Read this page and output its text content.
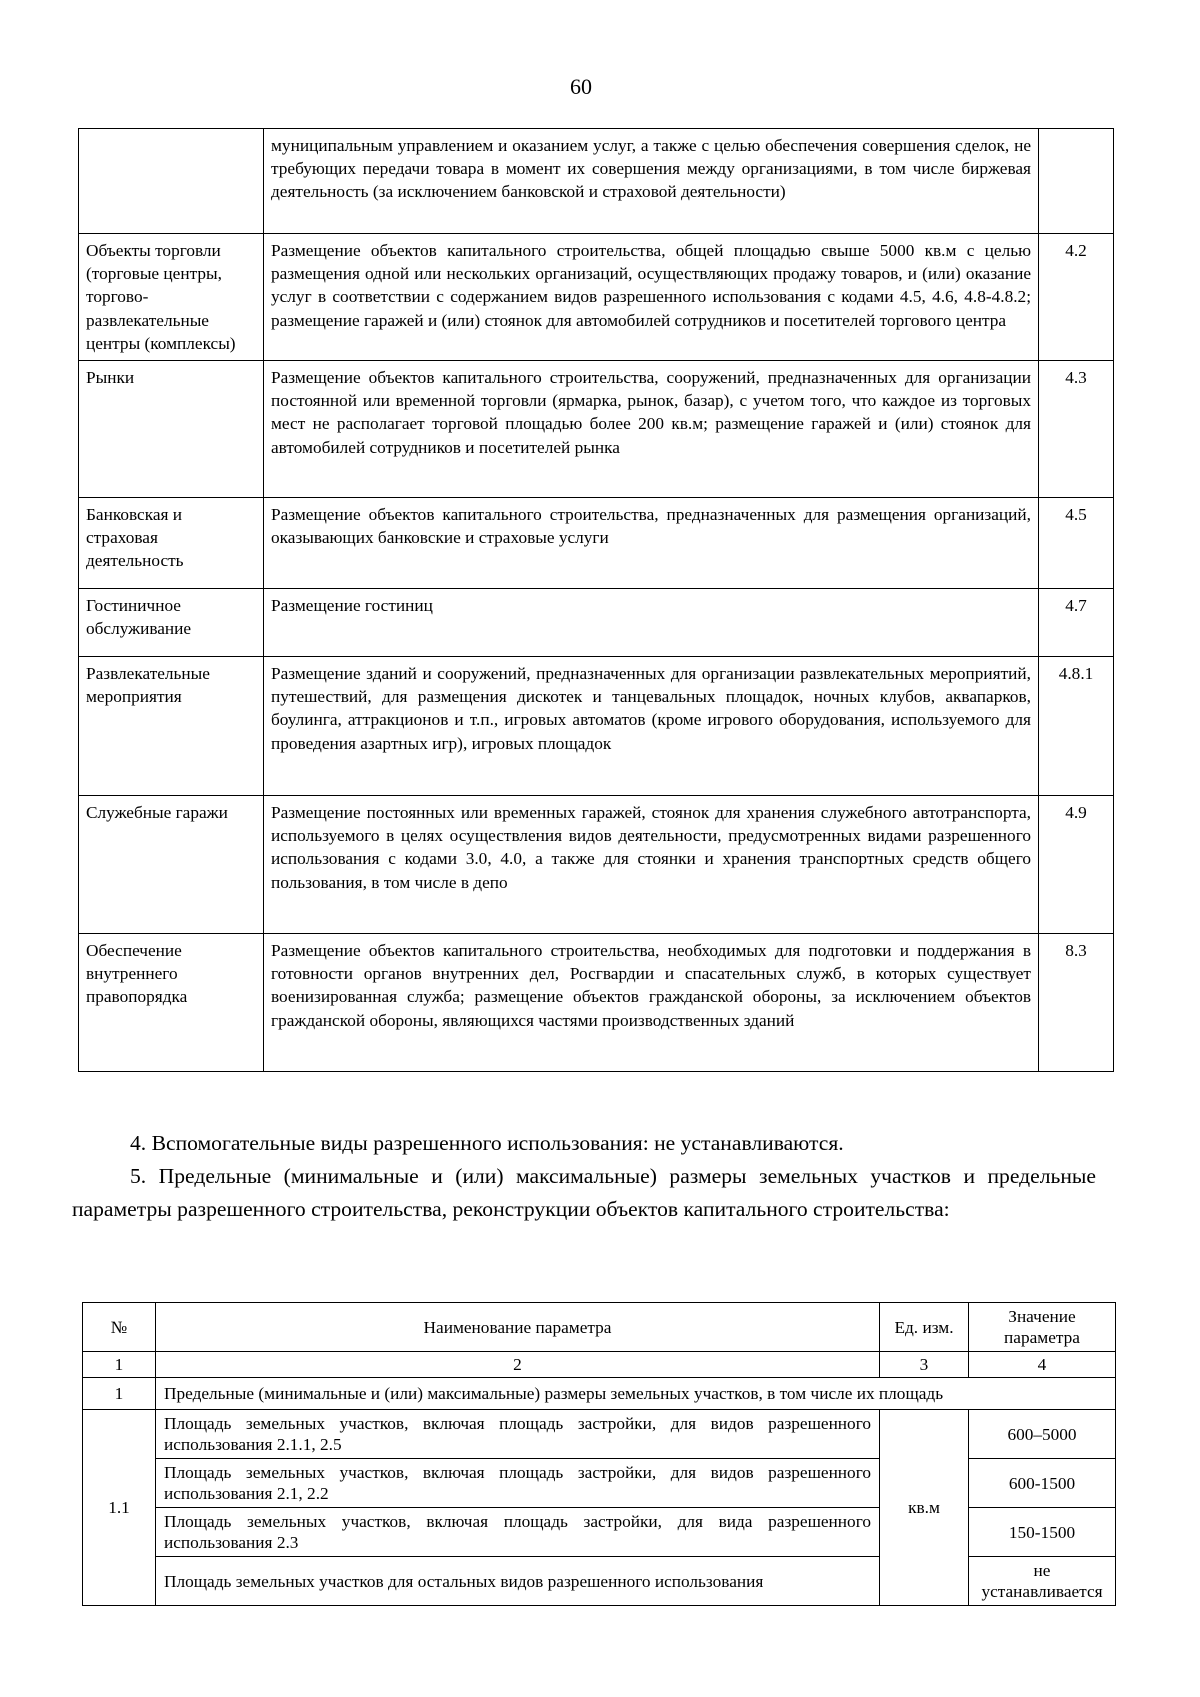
60
	муниципальным управлением и оказанием услуг, а также с целью обеспечения совершения сделок, не требующих передачи товара в момент их совершения между организациями, в том числе биржевая деятельность (за исключением банковской и страховой деятельности)	
Объекты торговли (торговые центры, торгово-развлекательные центры (комплексы)	Размещение объектов капитального строительства, общей площадью свыше 5000 кв.м с целью размещения одной или нескольких организаций, осуществляющих продажу товаров, и (или) оказание услуг в соответствии с содержанием видов разрешенного использования с кодами 4.5, 4.6, 4.8-4.8.2; размещение гаражей и (или) стоянок для автомобилей сотрудников и посетителей торгового центра	4.2
Рынки	Размещение объектов капитального строительства, сооружений, предназначенных для организации постоянной или временной торговли (ярмарка, рынок, базар), с учетом того, что каждое из торговых мест не располагает торговой площадью более 200 кв.м; размещение гаражей и (или) стоянок для автомобилей сотрудников и посетителей рынка	4.3
Банковская и страховая деятельность	Размещение объектов капитального строительства, предназначенных для размещения организаций, оказывающих банковские и страховые услуги	4.5
Гостиничное обслуживание	Размещение гостиниц	4.7
Развлекательные мероприятия	Размещение зданий и сооружений, предназначенных для организации развлекательных мероприятий, путешествий, для размещения дискотек и танцевальных площадок, ночных клубов, аквапарков, боулинга, аттракционов и т.п., игровых автоматов (кроме игрового оборудования, используемого для проведения азартных игр), игровых площадок	4.8.1
Служебные гаражи	Размещение постоянных или временных гаражей, стоянок для хранения служебного автотранспорта, используемого в целях осуществления видов деятельности, предусмотренных видами разрешенного использования с кодами 3.0, 4.0, а также для стоянки и хранения транспортных средств общего пользования, в том числе в депо	4.9
Обеспечение внутреннего правопорядка	Размещение объектов капитального строительства, необходимых для подготовки и поддержания в готовности органов внутренних дел, Росгвардии и спасательных служб, в которых существует военизированная служба; размещение объектов гражданской обороны, за исключением объектов гражданской обороны, являющихся частями производственных зданий	8.3

4. Вспомогательные виды разрешенного использования: не устанавливаются.

5. Предельные (минимальные и (или) максимальные) размеры земельных участков и предельные параметры разрешенного строительства, реконструкции объектов капитального строительства:

№	Наименование параметра	Ед. изм.	Значение параметра
1	2	3	4
1	Предельные (минимальные и (или) максимальные) размеры земельных участков, в том числе их площадь		
1.1	Площадь земельных участков, включая площадь застройки, для видов разрешенного использования 2.1.1, 2.5	кв.м	600–5000
	Площадь земельных участков, включая площадь застройки, для видов разрешенного использования 2.1, 2.2		600-1500
	Площадь земельных участков, включая площадь застройки, для вида разрешенного использования 2.3		150-1500
	Площадь земельных участков для остальных видов разрешенного использования		не устанавливается
